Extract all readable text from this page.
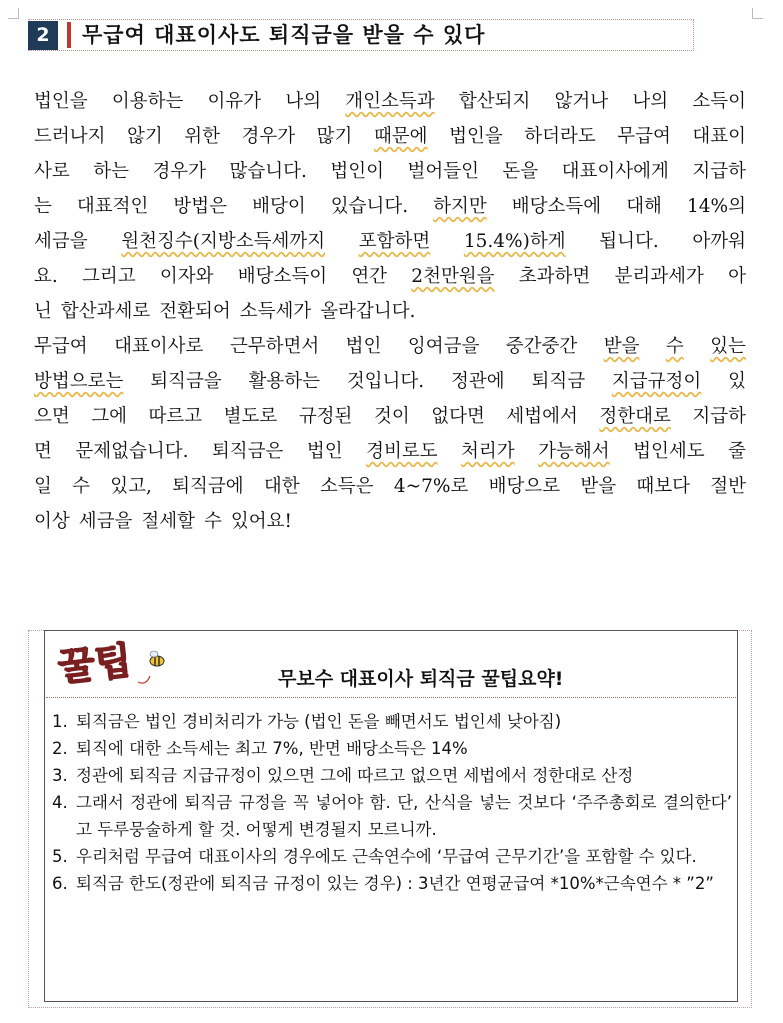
2	무급여 대표이사도 퇴직금을 받을 수 있다
법인을 이용하는 이유가 나의 개인소득과 합산되지 않거나 나의 소득이
드러나지 않기 위한 경우가 많기 때문에 법인을 하더라도 무급여 대표이
사로 하는 경우가 많습니다. 법인이 벌어들인 돈을 대표이사에게 지급하
는 대표적인 방법은 배당이 있습니다. 하지만 배당소득에 대해 14%의
세금을 원천징수(지방소득세까지 포함하면 15.4%)하게 됩니다. 아까워
요. 그리고 이자와 배당소득이 연간 2천만원을 초과하면 분리과세가 아
닌 합산과세로 전환되어 소득세가 올라갑니다.
무급여 대표이사로 근무하면서 법인 잉여금을 중간중간 받을 수 있는
방법으로는 퇴직금을 활용하는 것입니다. 정관에 퇴직금 지급규정이 있
으면 그에 따르고 별도로 규정된 것이 없다면 세법에서 정한대로 지급하
면 문제없습니다. 퇴직금은 법인 경비로도 처리가 가능해서 법인세도 줄
일 수 있고, 퇴직금에 대한 소득은 4~7%로 배당으로 받을 때보다 절반
이상 세금을 절세할 수 있어요!
꿀팁	무보수 대표이사 퇴직금 꿀팁요약!
1. 퇴직금은 법인 경비처리가 가능 (법인 돈을 빼면서도 법인세 낮아짐)
2. 퇴직에 대한 소득세는 최고 7%, 반면 배당소득은 14%
3. 정관에 퇴직금 지급규정이 있으면 그에 따르고 없으면 세법에서 정한대로 산정
4. 그래서 정관에 퇴직금 규정을 꼭 넣어야 함. 단, 산식을 넣는 것보다 ‘주주총회로 결의한다’ 고 두루뭉술하게 할 것. 어떻게 변경될지 모르니까.
5. 우리처럼 무급여 대표이사의 경우에도 근속연수에 ‘무급여 근무기간’을 포함할 수 있다.
6. 퇴직금 한도(정관에 퇴직금 규정이 있는 경우) : 3년간 연평균급여 *10%*근속연수 * ”2”
